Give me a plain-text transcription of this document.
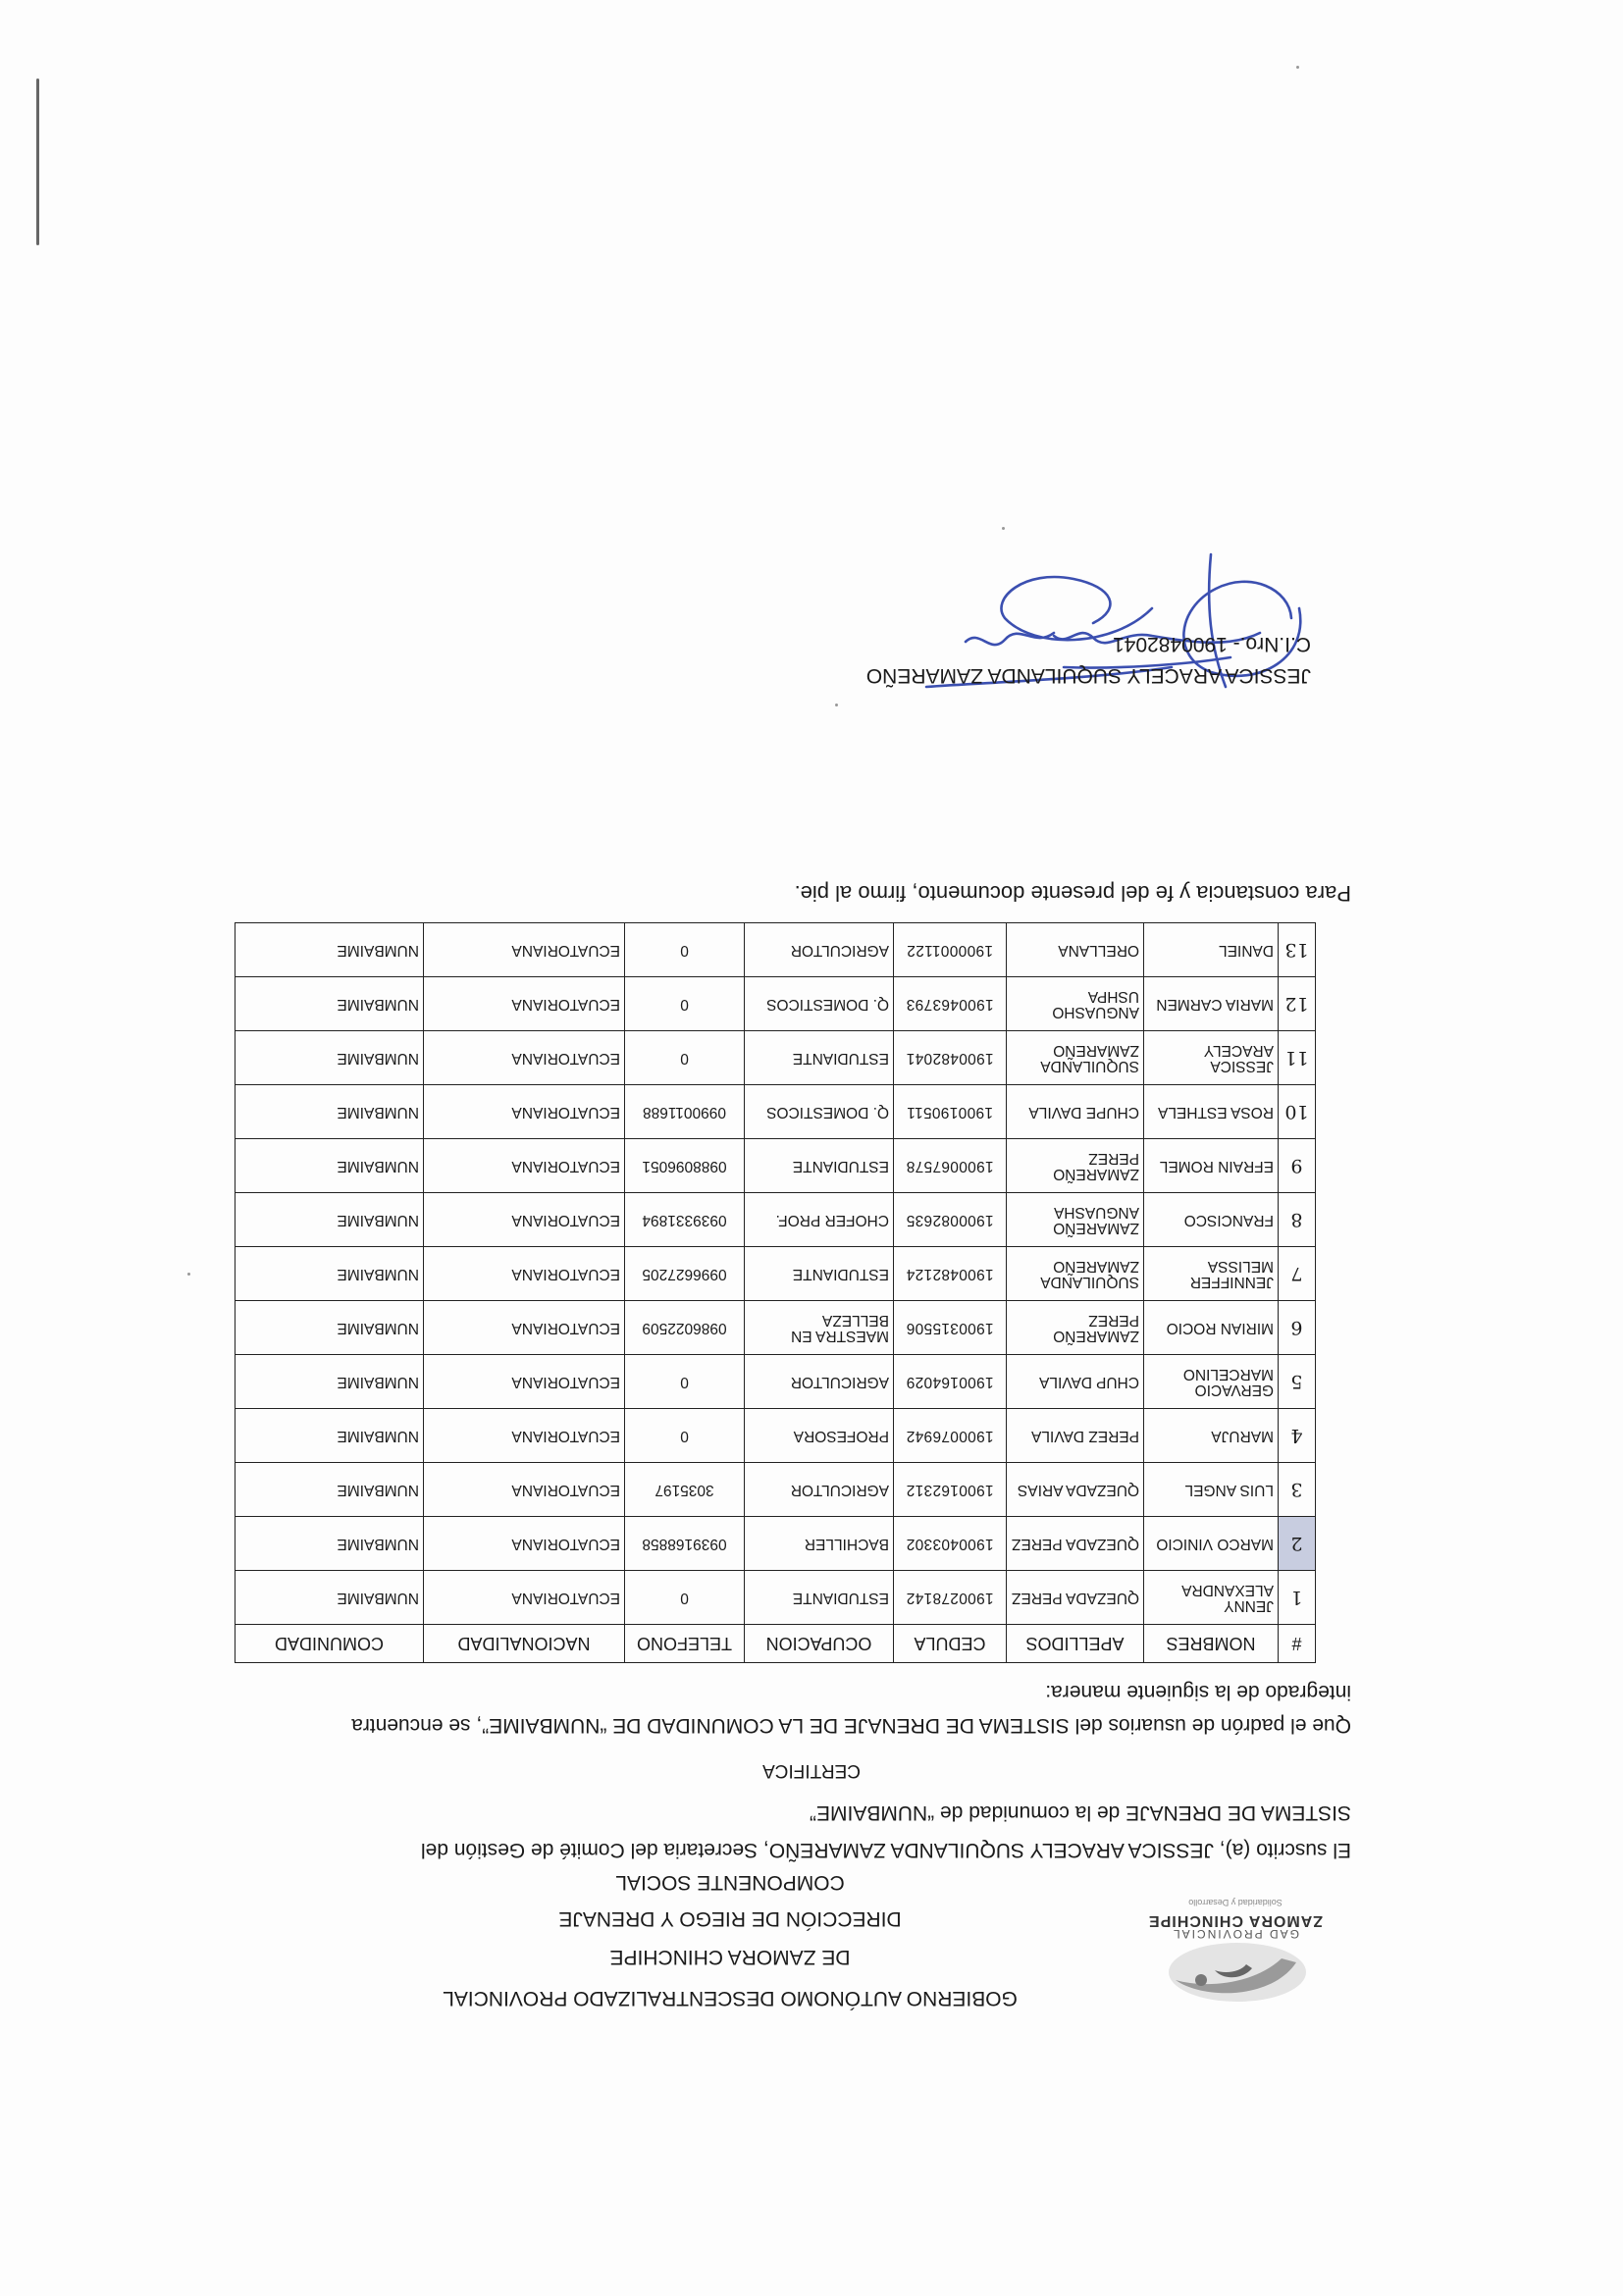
GAD PROVINCIAL
ZAMORA CHINCHIPE
Solidaridad y Desarrollo
GOBIERNO AUTÓNOMO DESCENTRALIZADO PROVINCIAL
DE ZAMORA CHINCHIPE
DIRECCIÓN DE RIEGO Y DRENAJE
COMPONENTE SOCIAL
El suscrito (a), JESSICA ARACELY SUQUILANDA ZAMAREÑO, Secretaria del Comité de Gestión del
SISTEMA DE DRENAJE de la comunidad de “NUMBAIME”
CERTIFICA
Que el padrón de usuarios del SISTEMA DE DRENAJE DE LA COMUNIDAD DE “NUMBAIME”, se encuentra
integrado de la siguiente manera:
#	NOMBRES	APELLIDOS	CEDULA	OCUPACION	TELEFONO	NACIONALIDAD	COMUNIDAD
1	JENNY ALEXANDRA	QUEZADA PEREZ	1900278142	ESTUDIANTE	0	ECUATORIANA	NUMBAIME
2	MARCO VINICIO	QUEZADA PEREZ	1900403302	BACHILLER	0939168858	ECUATORIANA	NUMBAIME
3	LUIS ANGEL	QUEZADA ARIAS	1900162312	AGRICULTOR	3035197	ECUATORIANA	NUMBAIME
4	MARUJA	PEREZ DAVILA	1900076942	PROFESORA	0	ECUATORIANA	NUMBAIME
5	GERVACIO MARCELINO	CHUP DAVILA	1900164029	AGRICULTOR	0	ECUATORIANA	NUMBAIME
6	MIRIAN ROCIO	ZAMAREÑO PEREZ	1900315506	MAESTRA EN BELLEZA	0986022509	ECUATORIANA	NUMBAIME
7	JENNIFFER MELISSA	SUQUILANDA ZAMAREÑO	1900482124	ESTUDIANTE	0996627205	ECUATORIANA	NUMBAIME
8	FRANCISCO	ZAMAREÑO ANGUASHA	1900082635	CHOFER PROF.	0939331894	ECUATORIANA	NUMBAIME
9	EFRAIN ROMEL	ZAMAREÑO PEREZ	1900067578	ESTUDIANTE	0988096051	ECUATORIANA	NUMBAIME
10	ROSA ESTHELA	CHUPE DAVILA	1900190511	Q. DOMESTICOS	0990011688	ECUATORIANA	NUMBAIME
11	JESSICA ARACELY	SUQUILANDA ZAMAREÑO	1900482041	ESTUDIANTE	0	ECUATORIANA	NUMBAIME
12	MARIA CARMEN	ANGUASHO USHPA	1900463793	Q. DOMESTICOS	0	ECUATORIANA	NUMBAIME
13	DANIEL	ORELLANA	1900001122	AGRICULTOR	0	ECUATORIANA	NUMBAIME
Para constancia y fe del presente documento, firmo al pie.
JESSICA ARACELY SUQUILANDA ZAMAREÑO
C.I.Nro.- 1900482041
